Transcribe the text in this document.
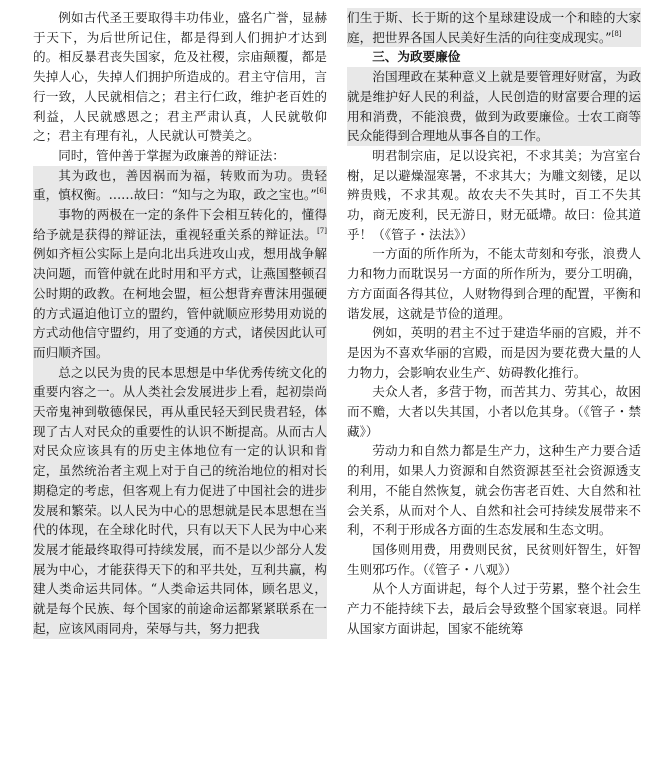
例如古代圣王要取得丰功伟业，盛名广誉，显赫于天下，为后世所记住，都是得到人们拥护才达到的。相反暴君丧失国家，危及社稷，宗庙颠覆，都是失掉人心，失掉人们拥护所造成的。君主守信用，言行一致，人民就相信之；君主行仁政，维护老百姓的利益，人民就感恩之；君主严肃认真，人民就敬仰之；君主有理有礼，人民就认可赞美之。

同时，管仲善于掌握为政廉善的辩证法：

其为政也，善因祸而为福，转败而为功。贵轻重，慎权衡。……故曰：“知与之为取，政之宝也。”[6]

事物的两极在一定的条件下会相互转化的，懂得给予就是获得的辩证法，重视轻重关系的辩证法。[7]例如齐桓公实际上是向北出兵进攻山戎，想用战争解决问题，而管仲就在此时用和平方式，让燕国整顿召公时期的政教。在柯地会盟，桓公想背弃曹沫用强硬的方式逼迫他订立的盟约，管仲就顺应形势用劝说的方式动他信守盟约，用了变通的方式，诸侯因此认可而归顺齐国。

总之以民为贵的民本思想是中华优秀传统文化的重要内容之一。从人类社会发展进步上看，起初崇尚天帝鬼神到敬德保民，再从重民轻天到民贵君轻，体现了古人对民众的重要性的认识不断提高。从而古人对民众应该具有的历史主体地位有一定的认识和肯定，虽然统治者主观上对于自己的统治地位的相对长期稳定的考虑，但客观上有力促进了中国社会的进步发展和繁荣。以人民为中心的思想就是民本思想在当代的体现，在全球化时代，只有以天下人民为中心来发展才能最终取得可持续发展，而不是以少部分人发展为中心，才能获得天下的和平共处，互利共赢，构建人类命运共同体。“人类命运共同体，顾名思义，就是每个民族、每个国家的前途命运都紧紧联系在一起，应该风雨同舟，荣辱与共，努力把我

们生于斯、长于斯的这个星球建设成一个和睦的大家庭，把世界各国人民美好生活的向往变成现实。”[8]

三、为政要廉俭

治国理政在某种意义上就是要管理好财富，为政就是维护好人民的利益，人民创造的财富要合理的运用和消费，不能浪费，做到为政要廉俭。士农工商等民众能得到合理地从事各自的工作。

明君制宗庙，足以设宾祀，不求其美；为宫室台榭，足以避燥湿寒暑，不求其大；为雕文刻镂，足以辨贵贱，不求其观。故农夫不失其时，百工不失其功，商无废利，民无游日，财无砥墆。故曰：俭其道乎！（《管子・法法》）

一方面的所作所为，不能太苛刻和夸张，浪费人力和物力而耽误另一方面的所作所为，要分工明确，方方面面各得其位，人财物得到合理的配置，平衡和谐发展，这就是节俭的道理。

例如，英明的君主不过于建造华丽的宫殿，并不是因为不喜欢华丽的宫殿，而是因为要花费大量的人力物力，会影响农业生产、妨碍教化推行。

夫众人者，多营于物，而苦其力、劳其心，故困而不赡，大者以失其国，小者以危其身。（《管子・禁藏》）

劳动力和自然力都是生产力，这种生产力要合适的利用，如果人力资源和自然资源甚至社会资源透支利用，不能自然恢复，就会伤害老百姓、大自然和社会关系，从而对个人、自然和社会可持续发展带来不利，不利于形成各方面的生态发展和生态文明。

国侈则用费，用费则民贫，民贫则奸智生，奸智生则邪巧作。（《管子・八观》）

从个人方面讲起，每个人过于劳累，整个社会生产力不能持续下去，最后会导致整个国家衰退。同样从国家方面讲起，国家不能统筹
